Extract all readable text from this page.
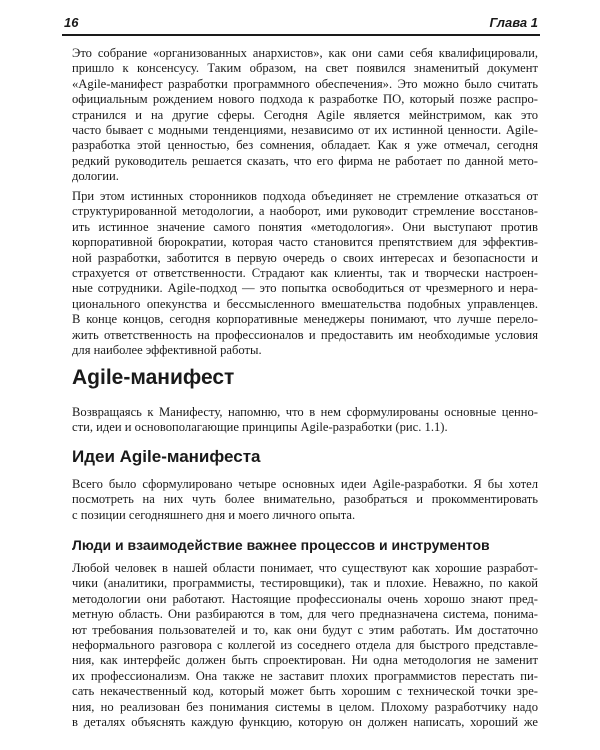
16	Глава 1

Это собрание «организованных анархистов», как они сами себя квалифицировали,
пришло к консенсусу. Таким образом, на свет появился знаменитый документ
«Agile-манифест разработки программного обеспечения». Это можно было считать
официальным рождением нового подхода к разработке ПО, который позже распро-
странился и на другие сферы. Сегодня Agile является мейнстримом, как это
часто бывает с модными тенденциями, независимо от их истинной ценности. Agile-
разработка этой ценностью, без сомнения, обладает. Как я уже отмечал, сегодня
редкий руководитель решается сказать, что его фирма не работает по данной мето-
дологии.

При этом истинных сторонников подхода объединяет не стремление отказаться от
структурированной методологии, а наоборот, ими руководит стремление восстанов-
ить истинное значение самого понятия «методология». Они выступают против
корпоративной бюрократии, которая часто становится препятствием для эффектив-
ной разработки, заботится в первую очередь о своих интересах и безопасности и
страхуется от ответственности. Страдают как клиенты, так и творчески настроен-
ные сотрудники. Agile-подход — это попытка освободиться от чрезмерного и нера-
ционального опекунства и бессмысленного вмешательства подобных управленцев.
В конце концов, сегодня корпоративные менеджеры понимают, что лучше перело-
жить ответственность на профессионалов и предоставить им необходимые условия
для наиболее эффективной работы.

Agile-манифест

Возвращаясь к Манифесту, напомню, что в нем сформулированы основные ценно-
сти, идеи и основополагающие принципы Agile-разработки (рис. 1.1).

Идеи Agile-манифеста

Всего было сформулировано четыре основных идеи Agile-разработки. Я бы хотел
посмотреть на них чуть более внимательно, разобраться и прокомментировать
с позиции сегодняшнего дня и моего личного опыта.

Люди и взаимодействие важнее процессов и инструментов

Любой человек в нашей области понимает, что существуют как хорошие разработ-
чики (аналитики, программисты, тестировщики), так и плохие. Неважно, по какой
методологии они работают. Настоящие профессионалы очень хорошо знают пред-
метную область. Они разбираются в том, для чего предназначена система, понима-
ют требования пользователей и то, как они будут с этим работать. Им достаточно
неформального разговора с коллегой из соседнего отдела для быстрого представле-
ния, как интерфейс должен быть спроектирован. Ни одна методология не заменит
их профессионализм. Она также не заставит плохих программистов перестать пи-
сать некачественный код, который может быть хорошим с технической точки зре-
ния, но реализован без понимания системы в целом. Плохому разработчику надо
в деталях объяснять каждую функцию, которую он должен написать, хороший же
